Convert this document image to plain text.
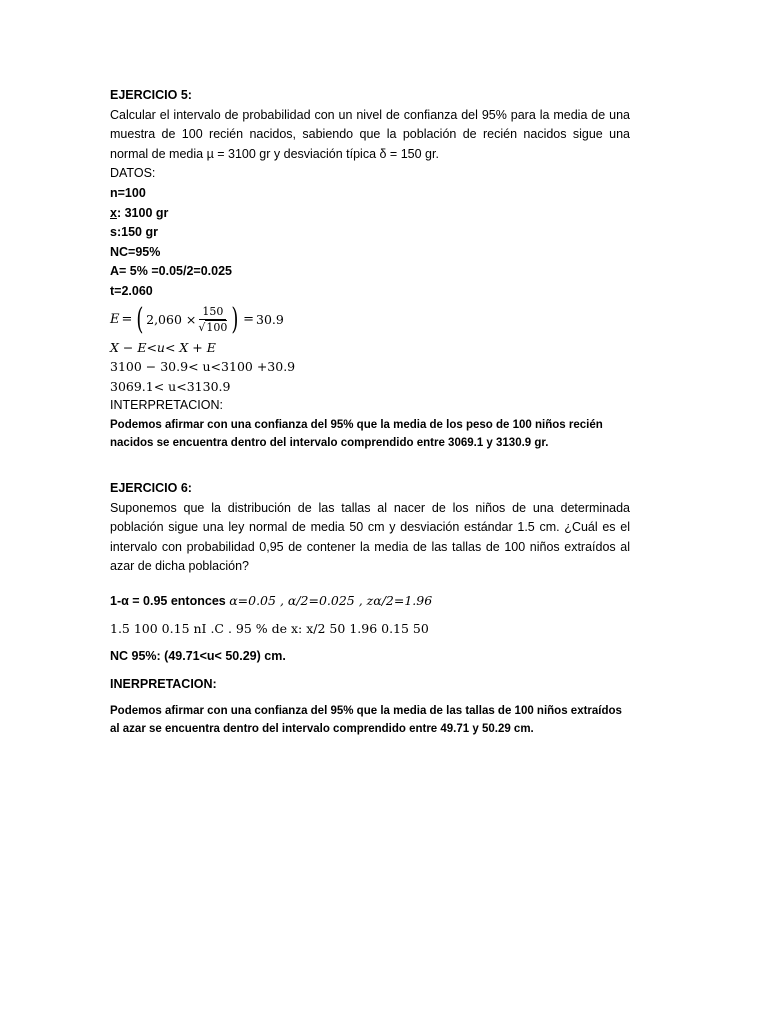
EJERCICIO 5:
Calcular el intervalo de probabilidad con un nivel de confianza del 95% para la media de una muestra de 100 recién nacidos, sabiendo que la población de recién nacidos sigue una normal de media µ = 3100 gr y desviación típica δ = 150 gr.
DATOS:
n=100
x: 3100 gr
s:150 gr
NC=95%
A= 5% =0.05/2=0.025
t=2.060
E = ( $2,060 \times \frac{150}{√100}$ ) = 30.9
X − E<u< X + E
3100 − 30.9< u<3100 +30.9
3069.1< u<3130.9
INTERPRETACION:
Podemos afirmar con una confianza del 95% que la media de los peso de 100 niños recién nacidos se encuentra dentro del intervalo comprendido entre 3069.1 y 3130.9 gr.
EJERCICIO 6:
Suponemos que la distribución de las tallas al nacer de los niños de una determinada población sigue una ley normal de media 50 cm y desviación estándar 1.5 cm. ¿Cuál es el intervalo con probabilidad 0,95 de contener la media de las tallas de 100 niños extraídos al azar de dicha población?
1-α = 0.95 entonces α=0.05 , α/2=0.025 , zα/2=1.96
1.5 100 0.15 nI .C . 95 % de x: x/2 50 1.96 0.15 50
NC 95%: (49.71<u< 50.29) cm.
INERPRETACION:
Podemos afirmar con una confianza del 95% que la media de las tallas de 100 niños extraídos al azar se encuentra dentro del intervalo comprendido entre 49.71 y 50.29 cm.
